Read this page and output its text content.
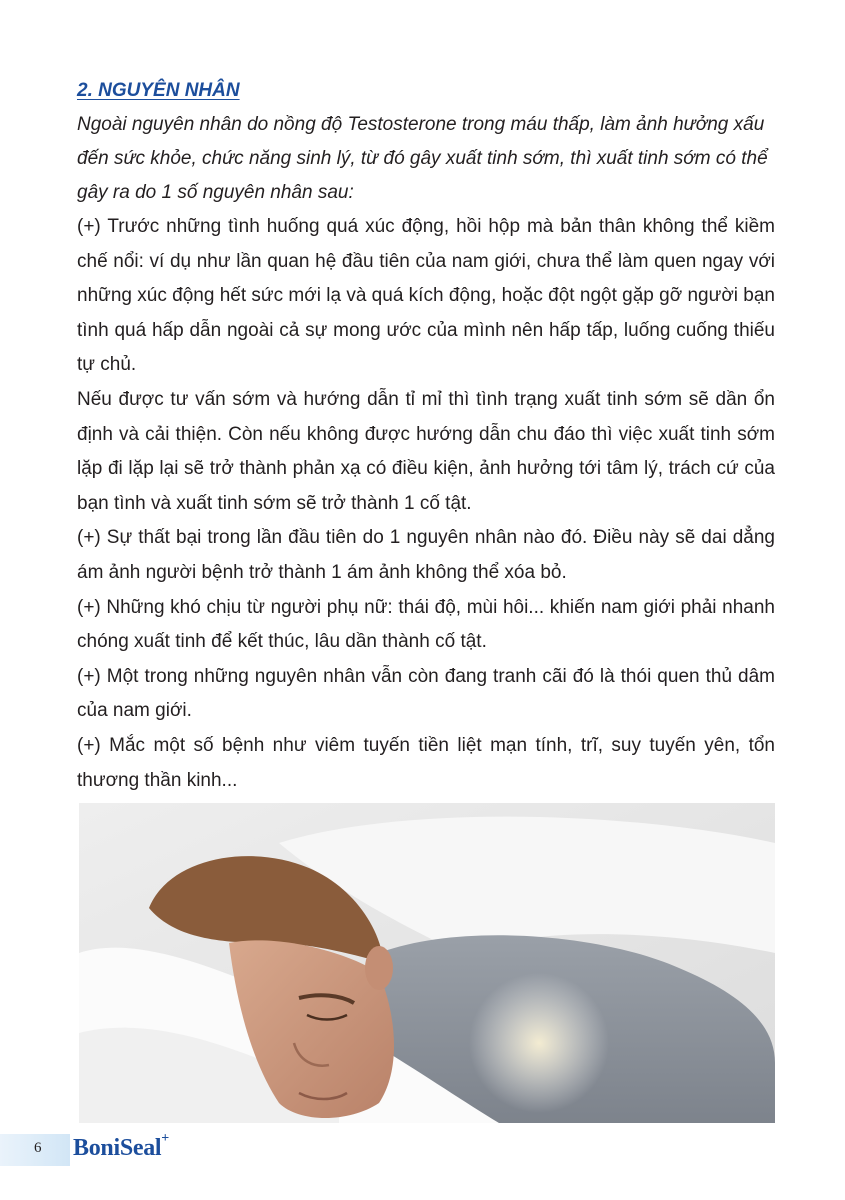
2. NGUYÊN NHÂN

Ngoài nguyên nhân do nồng độ Testosterone trong máu thấp, làm ảnh hưởng xấu đến sức khỏe, chức năng sinh lý, từ đó gây xuất tinh sớm, thì xuất tinh sớm có thể gây ra do 1 số nguyên nhân sau:

(+) Trước những tình huống quá xúc động, hồi hộp mà bản thân không thể kiềm chế nổi: ví dụ như lần quan hệ đầu tiên của nam giới, chưa thể làm quen ngay với những xúc động hết sức mới lạ và quá kích động, hoặc đột ngột gặp gỡ người bạn tình quá hấp dẫn ngoài cả sự mong ước của mình nên hấp tấp, luống cuống thiếu tự chủ.

Nếu được tư vấn sớm và hướng dẫn tỉ mỉ thì tình trạng xuất tinh sớm sẽ dần ổn định và cải thiện. Còn nếu không được hướng dẫn chu đáo thì việc xuất tinh sớm lặp đi lặp lại sẽ trở thành phản xạ có điều kiện, ảnh hưởng tới tâm lý, trách cứ của bạn tình và xuất tinh sớm sẽ trở thành 1 cố tật.

(+) Sự thất bại trong lần đầu tiên do 1 nguyên nhân nào đó. Điều này sẽ dai dẳng ám ảnh người bệnh trở thành 1 ám ảnh không thể xóa bỏ.

(+) Những khó chịu từ người phụ nữ: thái độ, mùi hôi... khiến nam giới phải nhanh chóng xuất tinh để kết thúc, lâu dần thành cố tật.

(+) Một trong những nguyên nhân vẫn còn đang tranh cãi đó là thói quen thủ dâm của nam giới.

(+) Mắc một số bệnh như viêm tuyến tiền liệt mạn tính, trĩ, suy tuyến yên, tổn thương thần kinh...

6 BoniSeal+
